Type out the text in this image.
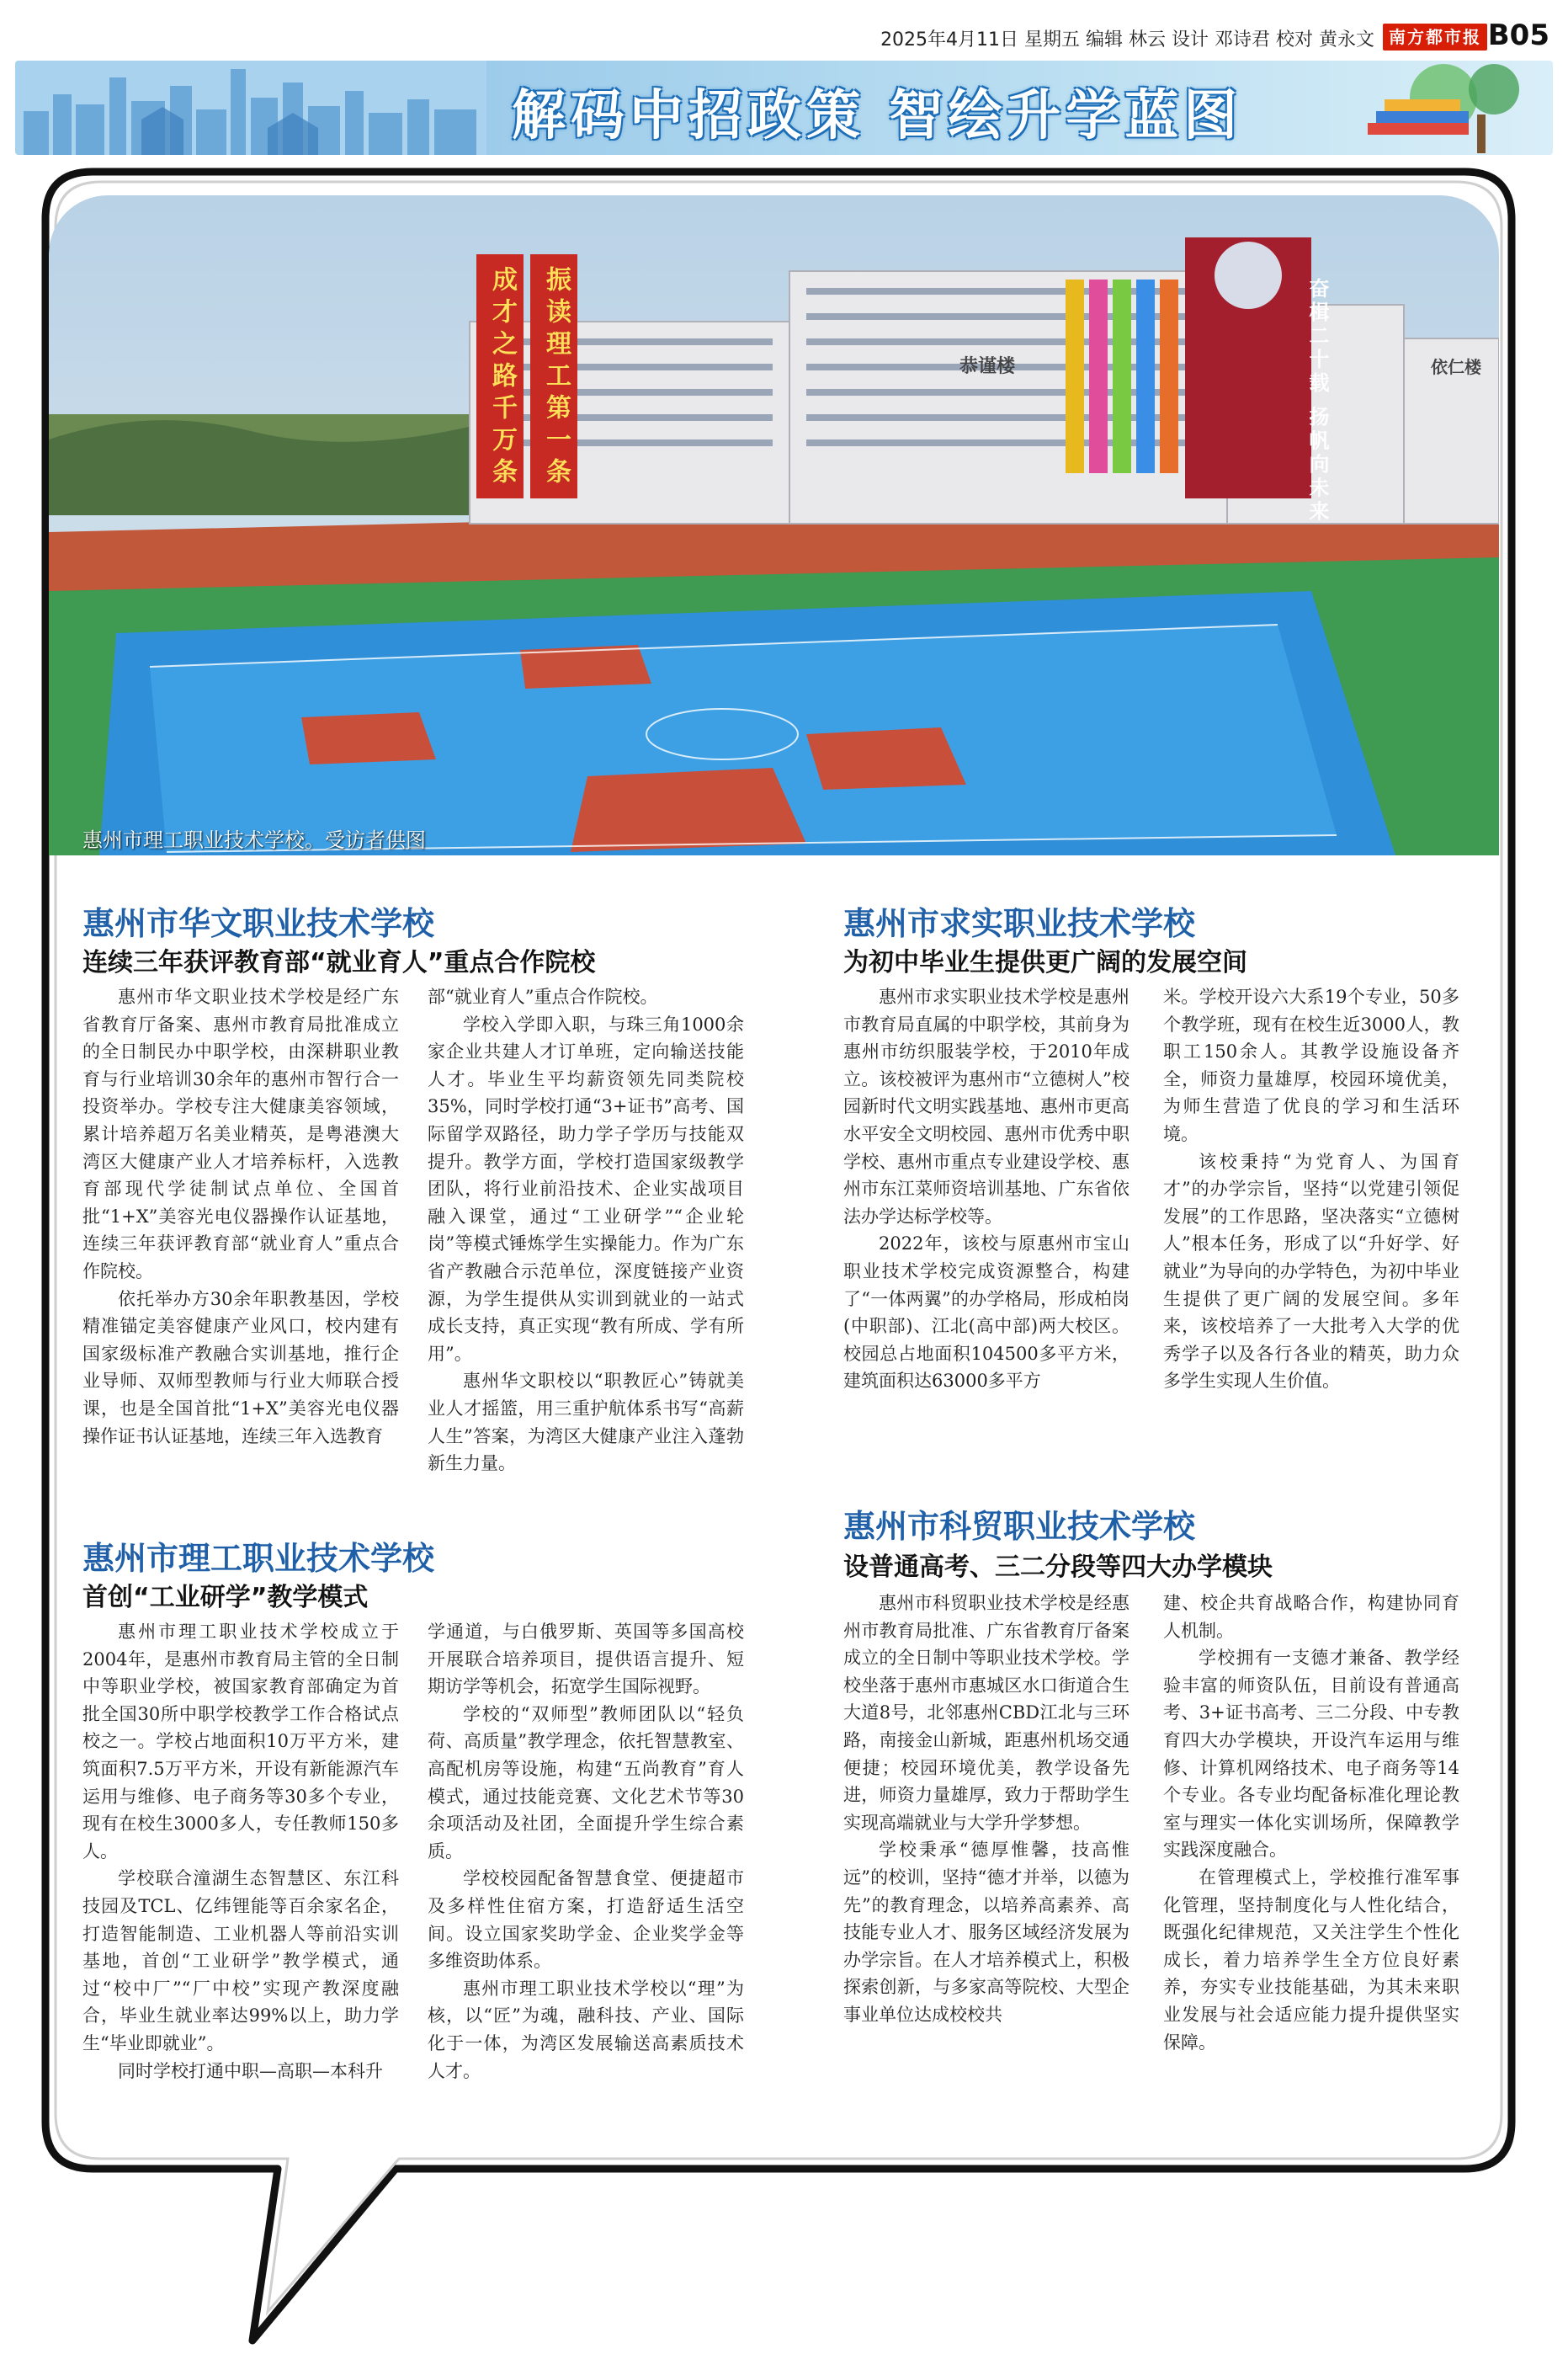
2025年4月11日 星期五 编辑 林云 设计 邓诗君 校对 黄永文 南方都市报 B05
解码中招政策 智绘升学蓝图
振读理工第一条
成才之路千万条	恭谨楼	依仁楼
奋楫二十载 扬帆向未来
惠州市理工职业技术学校。受访者供图
惠州市华文职业技术学校
连续三年获评教育部“就业育人”重点合作院校

惠州市华文职业技术学校是经广东省教育厅备案、惠州市教育局批准成立的全日制民办中职学校，由深耕职业教育与行业培训30余年的惠州市智行合一投资举办。学校专注大健康美容领域，累计培养超万名美业精英，是粤港澳大湾区大健康产业人才培养标杆，入选教育部现代学徒制试点单位、全国首批“1+X”美容光电仪器操作认证基地，连续三年获评教育部“就业育人”重点合作院校。

依托举办方30余年职教基因，学校精准锚定美容健康产业风口，校内建有国家级标准产教融合实训基地，推行企业导师、双师型教师与行业大师联合授课，也是全国首批“1+X”美容光电仪器操作证书认证基地，连续三年入选教育

部“就业育人”重点合作院校。

学校入学即入职，与珠三角1000余家企业共建人才订单班，定向输送技能人才。毕业生平均薪资领先同类院校35%，同时学校打通“3+证书”高考、国际留学双路径，助力学子学历与技能双提升。教学方面，学校打造国家级教学团队，将行业前沿技术、企业实战项目融入课堂，通过“工业研学”“企业轮岗”等模式锤炼学生实操能力。作为广东省产教融合示范单位，深度链接产业资源，为学生提供从实训到就业的一站式成长支持，真正实现“教有所成、学有所用”。

惠州华文职校以“职教匠心”铸就美业人才摇篮，用三重护航体系书写“高薪人生”答案，为湾区大健康产业注入蓬勃新生力量。

惠州市求实职业技术学校
为初中毕业生提供更广阔的发展空间

惠州市求实职业技术学校是惠州市教育局直属的中职学校，其前身为惠州市纺织服装学校，于2010年成立。该校被评为惠州市“立德树人”校园新时代文明实践基地、惠州市更高水平安全文明校园、惠州市优秀中职学校、惠州市重点专业建设学校、惠州市东江菜师资培训基地、广东省依法办学达标学校等。

2022年，该校与原惠州市宝山职业技术学校完成资源整合，构建了“一体两翼”的办学格局，形成柏岗(中职部)、江北(高中部)两大校区。校园总占地面积104500多平方米，建筑面积达63000多平方

米。学校开设六大系19个专业，50多个教学班，现有在校生近3000人，教职工150余人。其教学设施设备齐全，师资力量雄厚，校园环境优美，为师生营造了优良的学习和生活环境。

该校秉持“为党育人、为国育才”的办学宗旨，坚持“以党建引领促发展”的工作思路，坚决落实“立德树人”根本任务，形成了以“升好学、好就业”为导向的办学特色，为初中毕业生提供了更广阔的发展空间。多年来，该校培养了一大批考入大学的优秀学子以及各行各业的精英，助力众多学生实现人生价值。

惠州市理工职业技术学校
首创“工业研学”教学模式

惠州市理工职业技术学校成立于2004年，是惠州市教育局主管的全日制中等职业学校，被国家教育部确定为首批全国30所中职学校教学工作合格试点校之一。学校占地面积10万平方米，建筑面积7.5万平方米，开设有新能源汽车运用与维修、电子商务等30多个专业，现有在校生3000多人，专任教师150多人。

学校联合潼湖生态智慧区、东江科技园及TCL、亿纬锂能等百余家名企，打造智能制造、工业机器人等前沿实训基地，首创“工业研学”教学模式，通过“校中厂”“厂中校”实现产教深度融合，毕业生就业率达99%以上，助力学生“毕业即就业”。

同时学校打通中职—高职—本科升

学通道，与白俄罗斯、英国等多国高校开展联合培养项目，提供语言提升、短期访学等机会，拓宽学生国际视野。

学校的“双师型”教师团队以“轻负荷、高质量”教学理念，依托智慧教室、高配机房等设施，构建“五尚教育”育人模式，通过技能竞赛、文化艺术节等30余项活动及社团，全面提升学生综合素质。

学校校园配备智慧食堂、便捷超市及多样性住宿方案，打造舒适生活空间。设立国家奖助学金、企业奖学金等多维资助体系。

惠州市理工职业技术学校以“理”为核，以“匠”为魂，融科技、产业、国际化于一体，为湾区发展输送高素质技术人才。

惠州市科贸职业技术学校
设普通高考、三二分段等四大办学模块

惠州市科贸职业技术学校是经惠州市教育局批准、广东省教育厅备案成立的全日制中等职业技术学校。学校坐落于惠州市惠城区水口街道合生大道8号，北邻惠州CBD江北与三环路，南接金山新城，距惠州机场交通便捷；校园环境优美，教学设备先进，师资力量雄厚，致力于帮助学生实现高端就业与大学升学梦想。

学校秉承“德厚惟馨，技高惟远”的校训，坚持“德才并举，以德为先”的教育理念，以培养高素养、高技能专业人才、服务区域经济发展为办学宗旨。在人才培养模式上，积极探索创新，与多家高等院校、大型企事业单位达成校校共

建、校企共育战略合作，构建协同育人机制。

学校拥有一支德才兼备、教学经验丰富的师资队伍，目前设有普通高考、3+证书高考、三二分段、中专教育四大办学模块，开设汽车运用与维修、计算机网络技术、电子商务等14个专业。各专业均配备标准化理论教室与理实一体化实训场所，保障教学实践深度融合。

在管理模式上，学校推行准军事化管理，坚持制度化与人性化结合，既强化纪律规范，又关注学生个性化成长，着力培养学生全方位良好素养，夯实专业技能基础，为其未来职业发展与社会适应能力提升提供坚实保障。
